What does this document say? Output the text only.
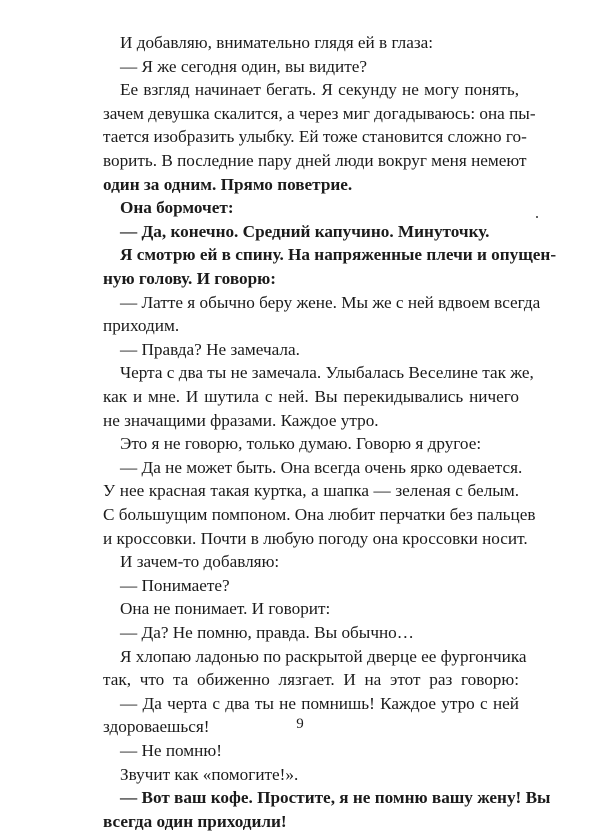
И добавляю, внимательно глядя ей в глаза:
— Я же сегодня один, вы видите?
Ее взгляд начинает бегать. Я секунду не могу понять,
зачем девушка скалится, а через миг догадываюсь: она пы-
тается изобразить улыбку. Ей тоже становится сложно го-
ворить. В последние пару дней люди вокруг меня немеют
один за одним. Прямо поветрие.
Она бормочет:
— Да, конечно. Средний капучино. Минуточку.
Я смотрю ей в спину. На напряженные плечи и опущен-
ную голову. И говорю:
— Латте я обычно беру жене. Мы же с ней вдвоем всегда
приходим.
— Правда? Не замечала.
Черта с два ты не замечала. Улыбалась Веселине так же,
как и мне. И шутила с ней. Вы перекидывались ничего
не значащими фразами. Каждое утро.
Это я не говорю, только думаю. Говорю я другое:
— Да не может быть. Она всегда очень ярко одевается.
У нее красная такая куртка, а шапка — зеленая с белым.
С большущим помпоном. Она любит перчатки без пальцев
и кроссовки. Почти в любую погоду она кроссовки носит.
И зачем-то добавляю:
— Понимаете?
Она не понимает. И говорит:
— Да? Не помню, правда. Вы обычно…
Я хлопаю ладонью по раскрытой дверце ее фургончика
так, что та обиженно лязгает. И на этот раз говорю:
— Да черта с два ты не помнишь! Каждое утро с ней
здороваешься!
— Не помню!
Звучит как «помогите!».
— Вот ваш кофе. Простите, я не помню вашу жену! Вы
всегда один приходили!
9
